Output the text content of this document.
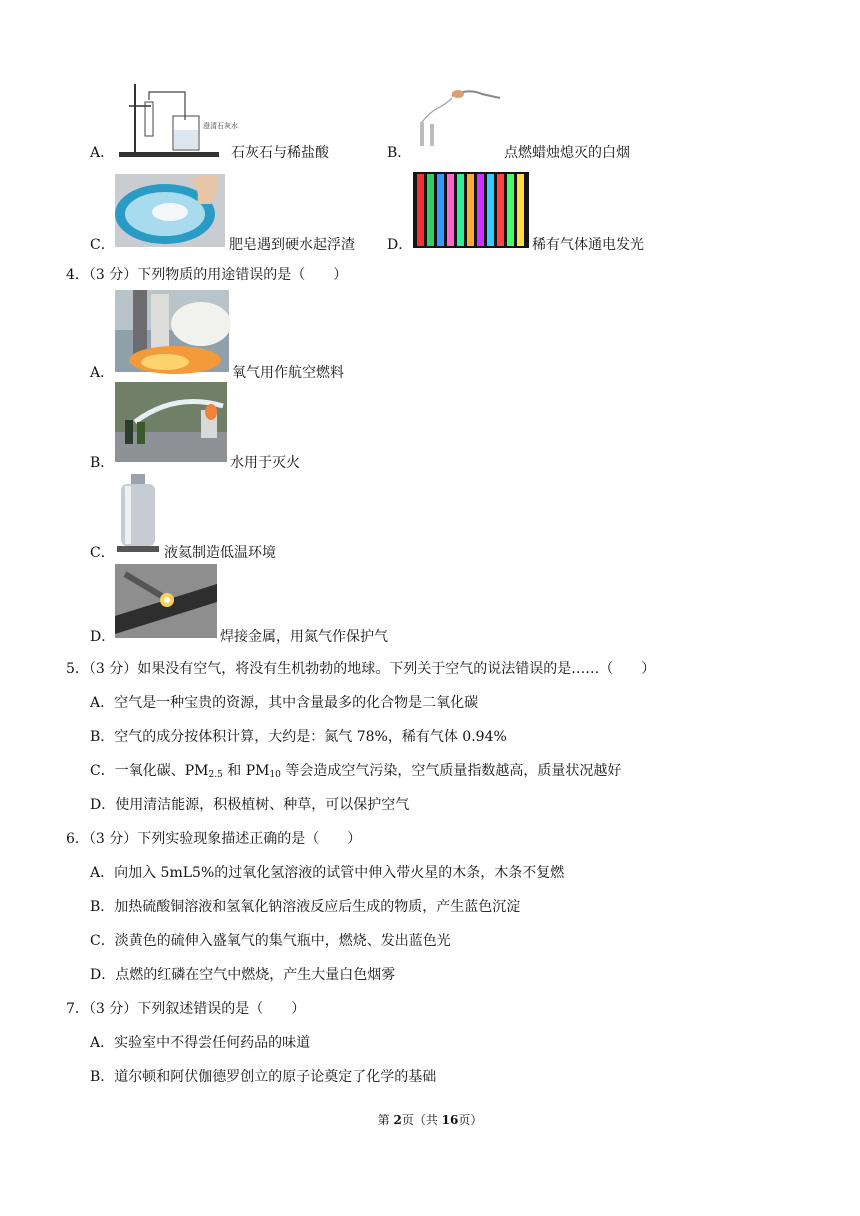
澄清石灰水
A．	石灰石与稀盐酸	B．	点燃蜡烛熄灭的白烟
C．	肥皂遇到硬水起浮渣 D．	稀有气体通电发光
4．（3 分）下列物质的用途错误的是（　　）
A．	氧气用作航空燃料
B．	水用于灭火
C．	液氦制造低温环境
D．	焊接金属，用氮气作保护气
5．（3 分）如果没有空气，将没有生机勃勃的地球。下列关于空气的说法错误的是……（　　）
A．空气是一种宝贵的资源，其中含量最多的化合物是二氧化碳
B．空气的成分按体积计算，大约是：氮气 78%，稀有气体 0.94%
C．一氧化碳、$PM_{2.5}$ 和 $PM_{10}$ 等会造成空气污染，空气质量指数越高，质量状况越好
D．使用清洁能源，积极植树、种草，可以保护空气
6．（3 分）下列实验现象描述正确的是（　　）
A．向加入 5mL5%的过氧化氢溶液的试管中伸入带火星的木条，木条不复燃
B．加热硫酸铜溶液和氢氧化钠溶液反应后生成的物质，产生蓝色沉淀
C．淡黄色的硫伸入盛氧气的集气瓶中，燃烧、发出蓝色光
D．点燃的红磷在空气中燃烧，产生大量白色烟雾
7．（3 分）下列叙述错误的是（　　）
A．实验室中不得尝任何药品的味道
B．道尔顿和阿伏伽德罗创立的原子论奠定了化学的基础
第 2页（共 16页）
